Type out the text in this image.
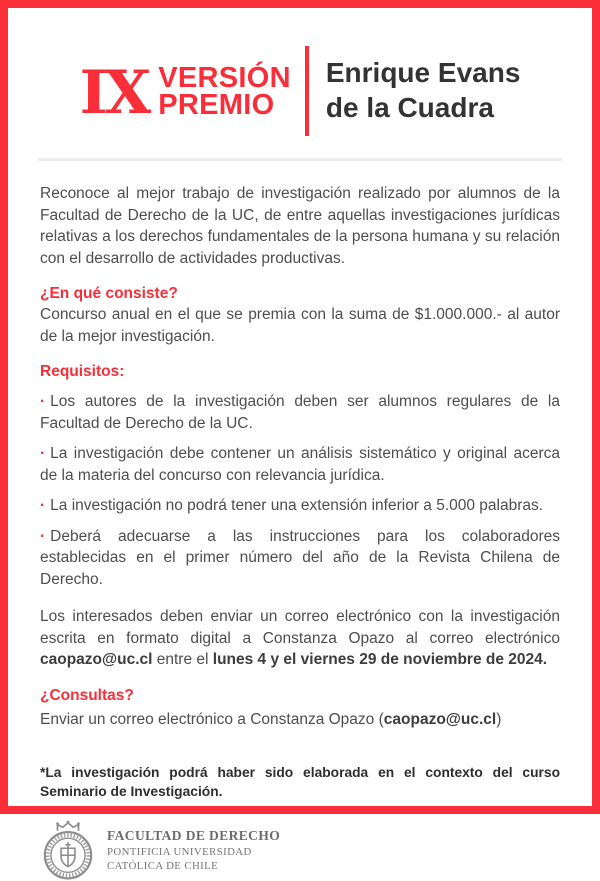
IX VERSIÓN
PREMIO
Enrique Evans
de la Cuadra

Reconoce al mejor trabajo de investigación realizado por alumnos de la Facultad de Derecho de la UC, de entre aquellas investigaciones jurídicas relativas a los derechos fundamentales de la persona humana y su relación con el desarrollo de actividades productivas.

¿En qué consiste?

Concurso anual en el que se premia con la suma de $1.000.000.- al autor de la mejor investigación.

Requisitos:

· Los autores de la investigación deben ser alumnos regulares de la Facultad de Derecho de la UC.

· La investigación debe contener un análisis sistemático y original acerca de la materia del concurso con relevancia jurídica.

· La investigación no podrá tener una extensión inferior a 5.000 palabras.

· Deberá adecuarse a las instrucciones para los colaboradores establecidas en el primer número del año de la Revista Chilena de Derecho.

Los interesados deben enviar un correo electrónico con la investigación escrita en formato digital a Constanza Opazo al correo electrónico caopazo@uc.cl entre el lunes 4 y el viernes 29 de noviembre de 2024.

¿Consultas?

Enviar un correo electrónico a Constanza Opazo (caopazo@uc.cl)

*La investigación podrá haber sido elaborada en el contexto del curso Seminario de Investigación.

FACULTAD DE DERECHO
PONTIFICIA UNIVERSIDAD
CATÓLICA DE CHILE
